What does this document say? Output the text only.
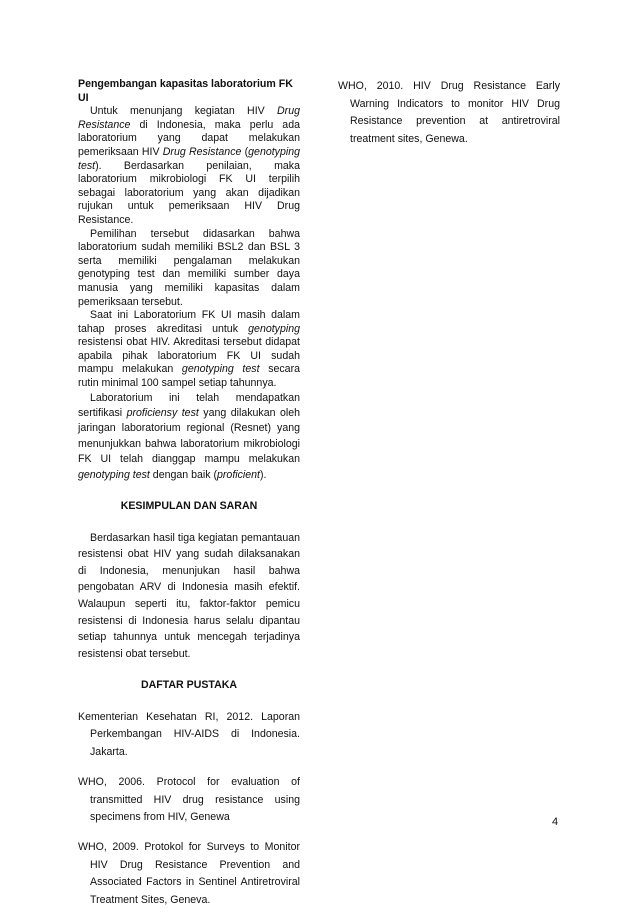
Pengembangan kapasitas laboratorium FK UI

Untuk menunjang kegiatan HIV Drug Resistance di Indonesia, maka perlu ada laboratorium yang dapat melakukan pemeriksaan HIV Drug Resistance (genotyping test). Berdasarkan penilaian, maka laboratorium mikrobiologi FK UI terpilih sebagai laboratorium yang akan dijadikan rujukan untuk pemeriksaan HIV Drug Resistance.

Pemilihan tersebut didasarkan bahwa laboratorium sudah memiliki BSL2 dan BSL 3 serta memiliki pengalaman melakukan genotyping test dan memiliki sumber daya manusia yang memiliki kapasitas dalam pemeriksaan tersebut.

Saat ini Laboratorium FK UI masih dalam tahap proses akreditasi untuk genotyping resistensi obat HIV. Akreditasi tersebut didapat apabila pihak laboratorium FK UI sudah mampu melakukan genotyping test secara rutin minimal 100 sampel setiap tahunnya.

Laboratorium ini telah mendapatkan sertifikasi proficiensy test yang dilakukan oleh jaringan laboratorium regional (Resnet) yang menunjukkan bahwa laboratorium mikrobiologi FK UI telah dianggap mampu melakukan genotyping test dengan baik (proficient).

KESIMPULAN DAN SARAN

Berdasarkan hasil tiga kegiatan pemantauan resistensi obat HIV yang sudah dilaksanakan di Indonesia, menunjukan hasil bahwa pengobatan ARV di Indonesia masih efektif. Walaupun seperti itu, faktor-faktor pemicu resistensi di Indonesia harus selalu dipantau setiap tahunnya untuk mencegah terjadinya resistensi obat tersebut.

DAFTAR PUSTAKA

Kementerian Kesehatan RI, 2012. Laporan Perkembangan HIV-AIDS di Indonesia. Jakarta.

WHO, 2006. Protocol for evaluation of transmitted HIV drug resistance using specimens from HIV, Genewa

WHO, 2009. Protokol for Surveys to Monitor HIV Drug Resistance Prevention and Associated Factors in Sentinel Antiretroviral Treatment Sites, Geneva.

WHO, 2010. HIV Drug Resistance Early Warning Indicators to monitor HIV Drug Resistance prevention at antiretroviral treatment sites, Genewa.

4
